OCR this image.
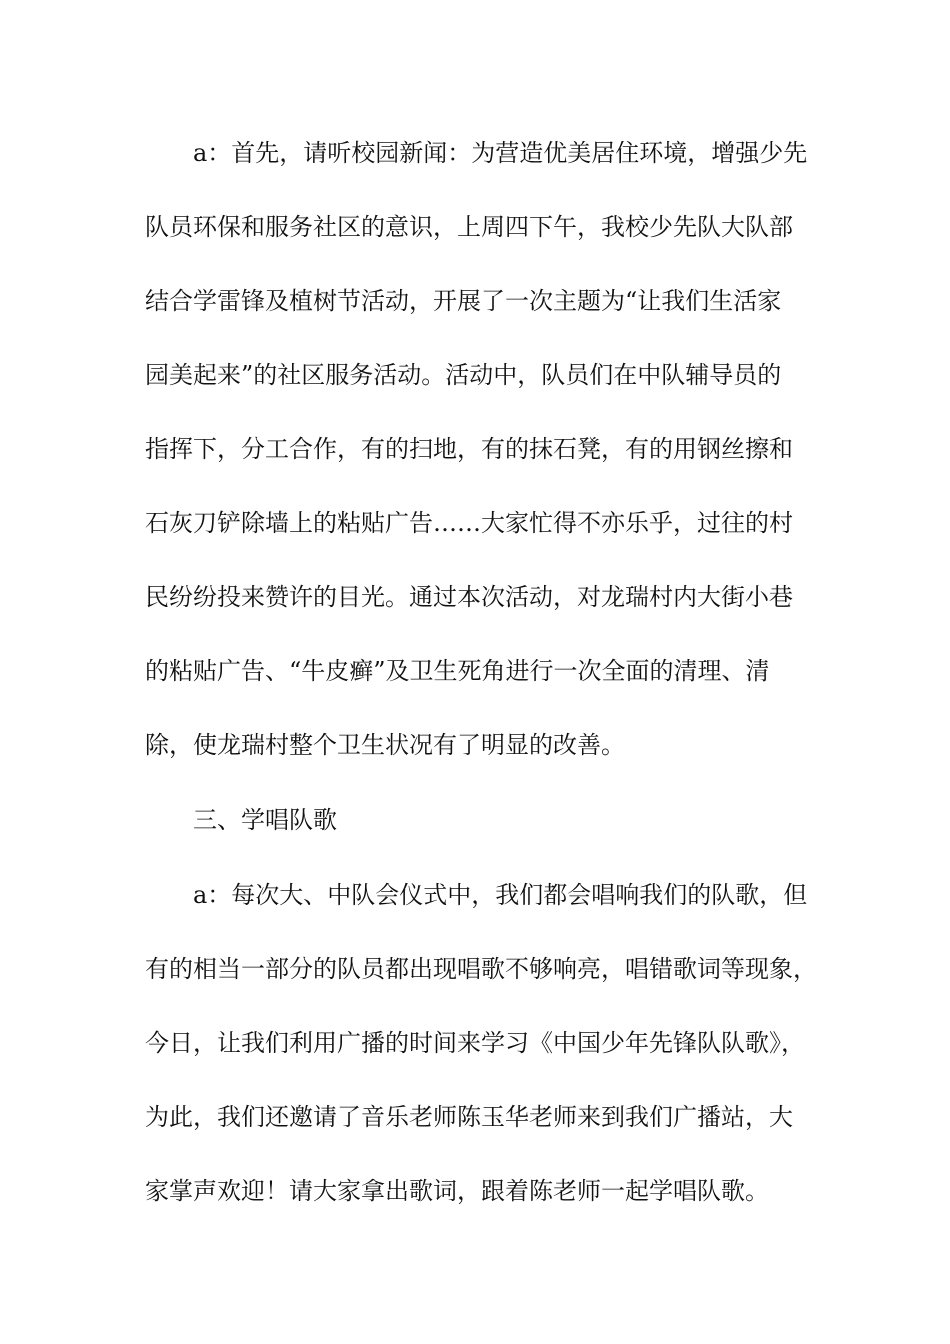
a：首先，请听校园新闻：为营造优美居住环境，增强少先
队员环保和服务社区的意识，上周四下午，我校少先队大队部
结合学雷锋及植树节活动，开展了一次主题为“让我们生活家
园美起来”的社区服务活动。活动中，队员们在中队辅导员的
指挥下，分工合作，有的扫地，有的抹石凳，有的用钢丝擦和
石灰刀铲除墙上的粘贴广告……大家忙得不亦乐乎，过往的村
民纷纷投来赞许的目光。通过本次活动，对龙瑞村内大街小巷
的粘贴广告、“牛皮癣”及卫生死角进行一次全面的清理、清
除，使龙瑞村整个卫生状况有了明显的改善。
三、学唱队歌
a：每次大、中队会仪式中，我们都会唱响我们的队歌，但
有的相当一部分的队员都出现唱歌不够响亮，唱错歌词等现象，
今日，让我们利用广播的时间来学习《中国少年先锋队队歌》，
为此，我们还邀请了音乐老师陈玉华老师来到我们广播站，大
家掌声欢迎！请大家拿出歌词，跟着陈老师一起学唱队歌。
